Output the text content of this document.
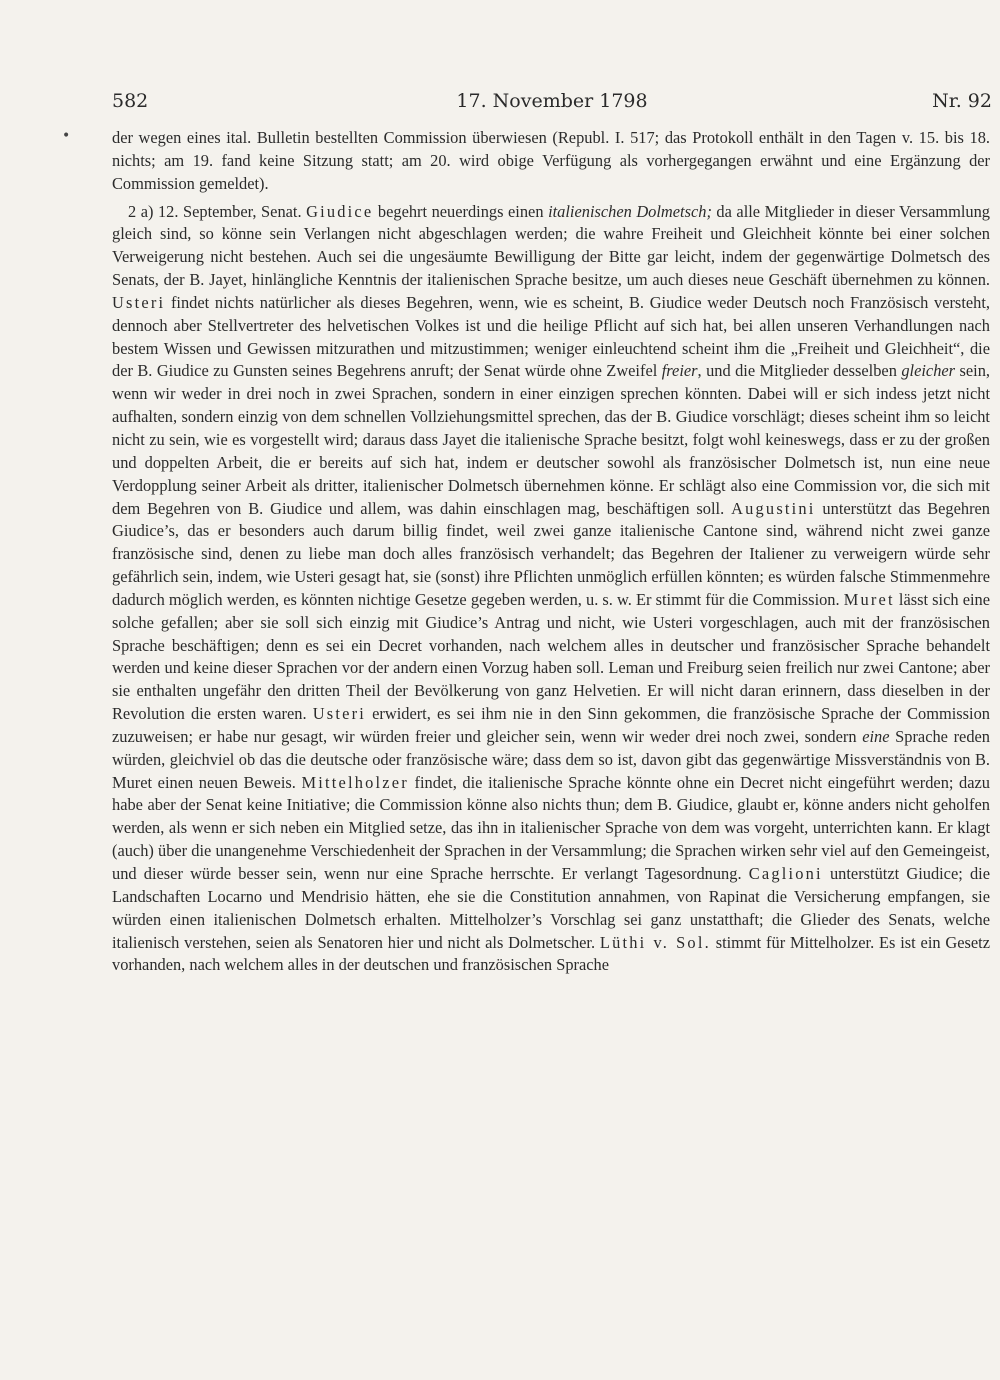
582	17. November 1798	Nr. 92
•	der wegen eines ital. Bulletin bestellten Commission überwiesen (Republ. I. 517; das Protokoll enthält in den Tagen v. 15. bis 18. nichts; am 19. fand keine Sitzung statt; am 20. wird obige Verfügung als vorhergegangen erwähnt und eine Ergänzung der Commission gemeldet).

2 a) 12. September, Senat. Giudice begehrt neuerdings einen italienischen Dolmetsch; da alle Mitglieder in dieser Versammlung gleich sind, so könne sein Verlangen nicht abgeschlagen werden; die wahre Freiheit und Gleichheit könnte bei einer solchen Verweigerung nicht bestehen. Auch sei die ungesäumte Bewilligung der Bitte gar leicht, indem der gegenwärtige Dolmetsch des Senats, der B. Jayet, hinlängliche Kenntnis der italienischen Sprache besitze, um auch dieses neue Geschäft übernehmen zu können. Usteri findet nichts natürlicher als dieses Begehren, wenn, wie es scheint, B. Giudice weder Deutsch noch Französisch versteht, dennoch aber Stellvertreter des helvetischen Volkes ist und die heilige Pflicht auf sich hat, bei allen unseren Verhandlungen nach bestem Wissen und Gewissen mitzurathen und mitzustimmen; weniger einleuchtend scheint ihm die „Freiheit und Gleichheit“, die der B. Giudice zu Gunsten seines Begehrens anruft; der Senat würde ohne Zweifel freier, und die Mitglieder desselben gleicher sein, wenn wir weder in drei noch in zwei Sprachen, sondern in einer einzigen sprechen könnten. Dabei will er sich indess jetzt nicht aufhalten, sondern einzig von dem schnellen Vollziehungsmittel sprechen, das der B. Giudice vorschlägt; dieses scheint ihm so leicht nicht zu sein, wie es vorgestellt wird; daraus dass Jayet die italienische Sprache besitzt, folgt wohl keineswegs, dass er zu der großen und doppelten Arbeit, die er bereits auf sich hat, indem er deutscher sowohl als französischer Dolmetsch ist, nun eine neue Verdopplung seiner Arbeit als dritter, italienischer Dolmetsch übernehmen könne. Er schlägt also eine Commission vor, die sich mit dem Begehren von B. Giudice und allem, was dahin einschlagen mag, beschäftigen soll. Augustini unterstützt das Begehren Giudice’s, das er besonders auch darum billig findet, weil zwei ganze italienische Cantone sind, während nicht zwei ganze französische sind, denen zu liebe man doch alles französisch verhandelt; das Begehren der Italiener zu verweigern würde sehr gefährlich sein, indem, wie Usteri gesagt hat, sie (sonst) ihre Pflichten unmöglich erfüllen könnten; es würden falsche Stimmenmehre dadurch möglich werden, es könnten nichtige Gesetze gegeben werden, u. s. w. Er stimmt für die Commission. Muret lässt sich eine solche gefallen; aber sie soll sich einzig mit Giudice’s Antrag und nicht, wie Usteri vorgeschlagen, auch mit der französischen Sprache beschäftigen; denn es sei ein Decret vorhanden, nach welchem alles in deutscher und französischer Sprache behandelt werden und keine dieser Sprachen vor der andern einen Vorzug haben soll. Leman und Freiburg seien freilich nur zwei Cantone; aber sie enthalten ungefähr den dritten Theil der Bevölkerung von ganz Helvetien. Er will nicht daran erinnern, dass dieselben in der Revolution die ersten waren. Usteri erwidert, es sei ihm nie in den Sinn gekommen, die französische Sprache der Commission zuzuweisen; er habe nur gesagt, wir würden freier und gleicher sein, wenn wir weder drei noch zwei, sondern eine Sprache reden würden, gleichviel ob das die deutsche oder französische wäre; dass dem so ist, davon gibt das gegenwärtige Missverständnis von B. Muret einen neuen Beweis. Mittelholzer findet, die italienische Sprache könnte ohne ein Decret nicht eingeführt werden; dazu habe aber der Senat keine Initiative; die Commission könne also nichts thun; dem B. Giudice, glaubt er, könne anders nicht geholfen werden, als wenn er sich neben ein Mitglied setze, das ihn in italienischer Sprache von dem was vorgeht, unterrichten kann. Er klagt (auch) über die unangenehme Verschiedenheit der Sprachen in der Versammlung; die Sprachen wirken sehr viel auf den Gemeingeist, und dieser würde besser sein, wenn nur eine Sprache herrschte. Er verlangt Tagesordnung. Caglioni unterstützt Giudice; die Landschaften Locarno und Mendrisio hätten, ehe sie die Constitution annahmen, von Rapinat die Versicherung empfangen, sie würden einen italienischen Dolmetsch erhalten. Mittelholzer’s Vorschlag sei ganz unstatthaft; die Glieder des Senats, welche italienisch verstehen, seien als Senatoren hier und nicht als Dolmetscher. Lüthi v. Sol. stimmt für Mittelholzer. Es ist ein Gesetz vorhanden, nach welchem alles in der deutschen und französischen Sprache
